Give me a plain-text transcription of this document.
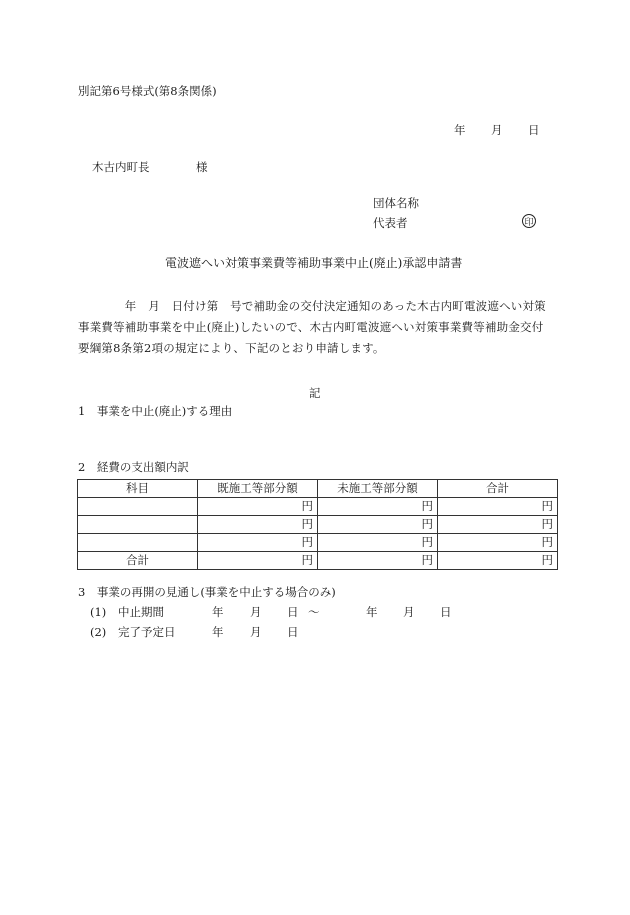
別記第6号様式(第8条関係)
年 月 日
木古内町長	様
団体名称
代表者	印
電波遮へい対策事業費等補助事業中止(廃止)承認申請書

　　　　年　月　日付け第　号で補助金の交付決定通知のあった木古内町電波遮へい対策

事業費等補助事業を中止(廃止)したいので、木古内町電波遮へい対策事業費等補助金交付

要綱第8条第2項の規定により、下記のとおり申請します。

記
1　事業を中止(廃止)する理由
2　経費の支出額内訳
科目	既施工等部分額	未施工等部分額	合計
	円	円	円
	円	円	円
	円	円	円
合計	円	円	円
3　事業の再開の見通し(事業を中止する場合のみ)
(1) 中止期間	年 月 日 ～	年 月 日
(2) 完了予定日	年 月 日
